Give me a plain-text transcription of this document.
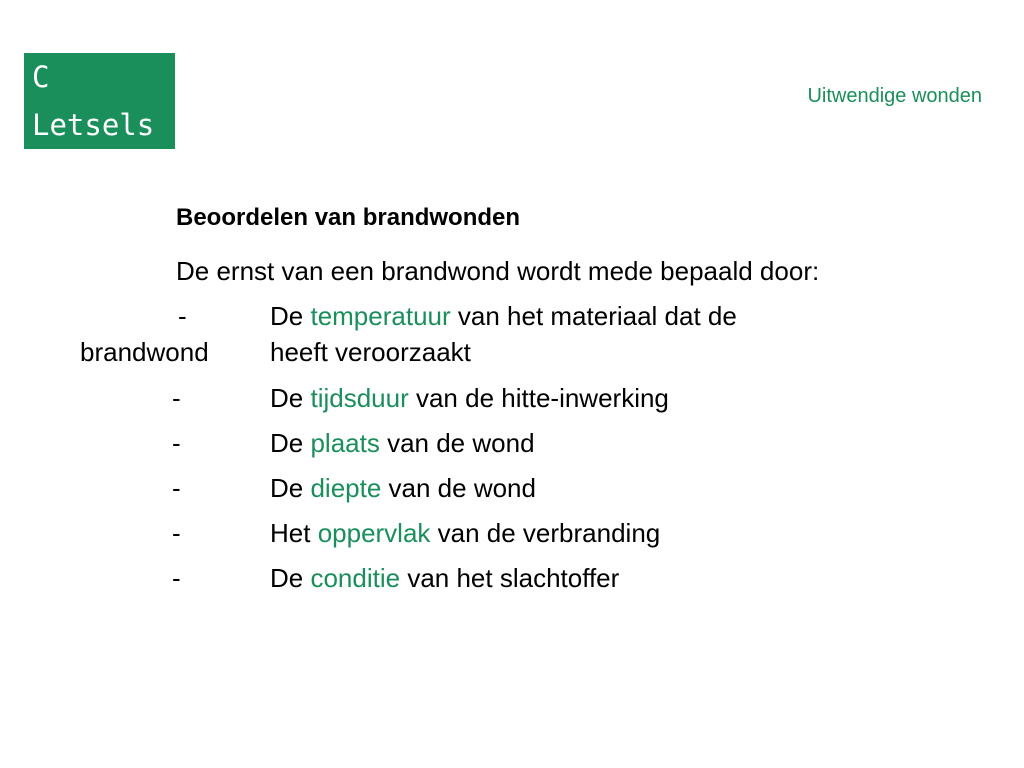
C
Letsels
Uitwendige wonden
Beoordelen van brandwonden
De ernst van een brandwond wordt mede bepaald door:
-	De temperatuur van het materiaal dat de
brandwond heeft veroorzaakt
-	De tijdsduur van de hitte-inwerking
-	De plaats van de wond
-	De diepte van de wond
-	Het oppervlak van de verbranding
-	De conditie van het slachtoffer
